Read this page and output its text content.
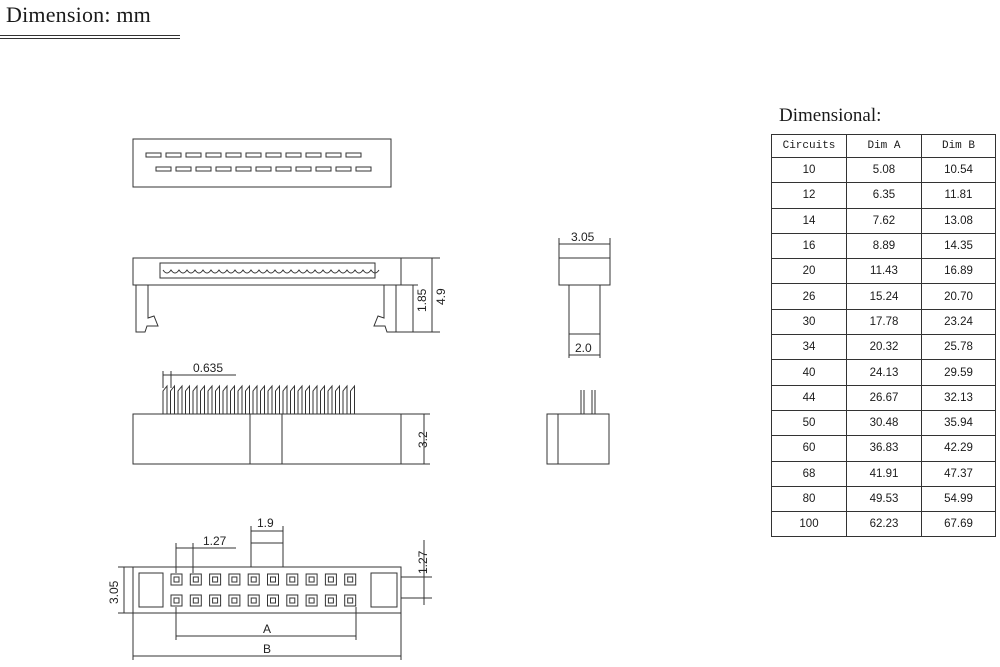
Dimension: mm
1.85 4.9
0.635
3.2
3.05
2.0
1.9
1.27
1.27
3.05
A
B
Dimensional:
Circuits	Dim A	Dim B
10	5.08	10.54
12	6.35	11.81
14	7.62	13.08
16	8.89	14.35
20	11.43	16.89
26	15.24	20.70
30	17.78	23.24
34	20.32	25.78
40	24.13	29.59
44	26.67	32.13
50	30.48	35.94
60	36.83	42.29
68	41.91	47.37
80	49.53	54.99
100	62.23	67.69
